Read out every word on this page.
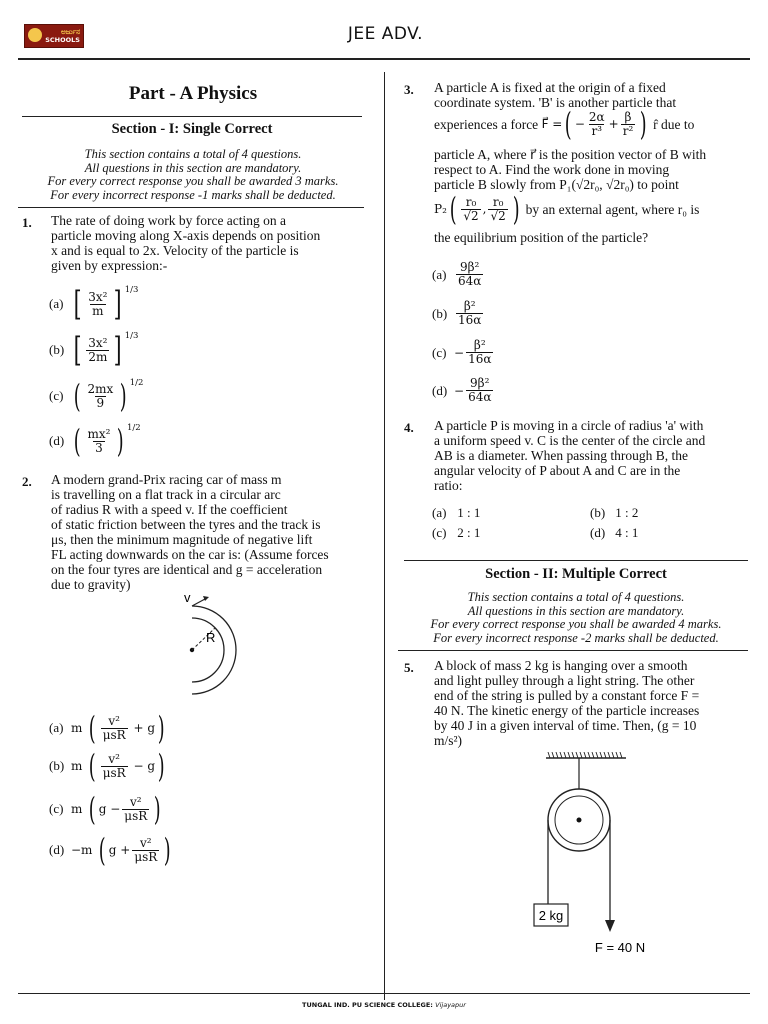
ಅರ್ಜುನ
SCHOOLS	JEE ADV.
Part - A Physics
Section - I: Single Correct
This section contains a total of 4 questions.
All questions in this section are mandatory.
For every correct response you shall be awarded 3 marks.
For every incorrect response -1 marks shall be deducted.
1. The rate of doing work by force acting on a
particle moving along X-axis depends on position
x and is equal to 2x. Velocity of the particle is
given by expression:-
(a) [ $\frac{\text{3x²}}{m}$ ] 1/3
(b) [ $\frac{\text{3x²}}{2m}$ ] 1/3
(c) ( $\frac{2mx}{9}$ ) 1/2
(d) ( $\frac{\text{mx²}}{3}$ ) 1/2
2. A modern grand-Prix racing car of mass m
is travelling on a flat track in a circular arc
of radius R with a speed v. If the coefficient
of static friction between the tyres and the track is
μs, then the minimum magnitude of negative lift
FL acting downwards on the car is: (Assume forces
on the four tyres are identical and g = acceleration
due to gravity)
v
R
(a) m
( $\frac{\text{v²}}{\text{μsR}}$
+ g )
(b) m
( $\frac{\text{v²}}{\text{μsR}}$
− g )
(c) m
( $g - \frac{\text{v²}}{\text{μsR}}$ )
(d) −m
( $g + \frac{\text{v²}}{\text{μsR}}$ )
3. A particle A is fixed at the origin of a fixed
coordinate system. 'B' is another particle that
experiences a force
F⃗ = ( − $\frac{2\alpha}{\text{r³}} + \frac{\beta}{\text{r²}}$ )
r̂ due to
particle A, where r⃗ is the position vector of B with
respect to A. Find the work done in moving
particle B slowly from P₁(√2r₀, √2r₀) to point
P₂ ( $\frac{\text{r₀}}{√2}$ , $\frac{\text{r₀}}{√2}$ )
by an external agent, where r₀ is
the equilibrium position of the particle?
$(a) \frac{\text{9β²}}{64\alpha}$
$(b) \frac{\text{β²}}{16\alpha}$
$(c) - \frac{\text{β²}}{16\alpha}$
$(d) - \frac{\text{9β²}}{64\alpha}$
4. A particle P is moving in a circle of radius 'a' with
a uniform speed v. C is the center of the circle and
AB is a diameter. When passing through B, the
angular velocity of P about A and C are in the
ratio:
(a)
1 : 1	(b)
1 : 2
(c)
2 : 1	(d)
4 : 1
Section - II: Multiple Correct
This section contains a total of 4 questions.
All questions in this section are mandatory.
For every correct response you shall be awarded 4 marks.
For every incorrect response -2 marks shall be deducted.
5. A block of mass 2 kg is hanging over a smooth
and light pulley through a light string. The other
end of the string is pulled by a constant force F =
40 N. The kinetic energy of the particle increases
by 40 J in a given interval of time. Then, (g = 10
m/s²)
2 kg
F = 40 N
TUNGAL IND. PU SCIENCE COLLEGE: Vijayapur
